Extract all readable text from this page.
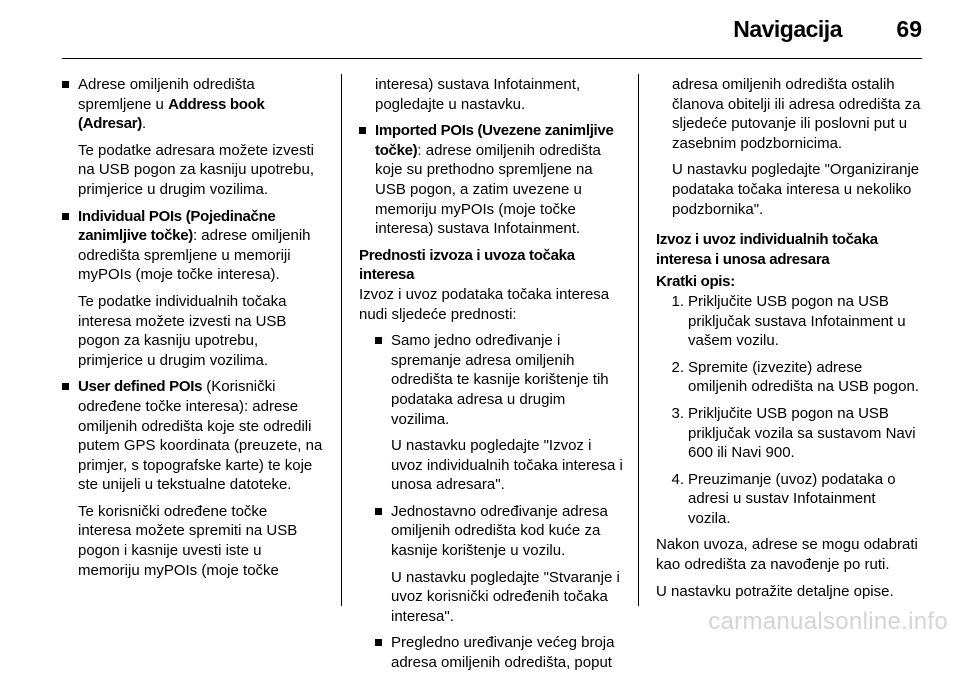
Navigacija 69

Adrese omiljenih odredišta spremljene u Address book (Adresar).

Te podatke adresara možete izvesti na USB pogon za kasniju upotrebu, primjerice u drugim vozilima.

Individual POIs (Pojedinačne zanimljive točke): adrese omiljenih odredišta spremljene u memoriji myPOIs (moje točke interesa).

Te podatke individualnih točaka interesa možete izvesti na USB pogon za kasniju upotrebu, primjerice u drugim vozilima.

User defined POIs (Korisnički određene točke interesa): adrese omiljenih odredišta koje ste odredili putem GPS koordinata (preuzete, na primjer, s topografske karte) te koje ste unijeli u tekstualne datoteke.

Te korisnički određene točke interesa možete spremiti na USB pogon i kasnije uvesti iste u memoriju myPOIs (moje točke

interesa) sustava Infotainment, pogledajte u nastavku.

Imported POIs (Uvezene zanimljive točke): adrese omiljenih odredišta koje su prethodno spremljene na USB pogon, a zatim uvezene u memoriju myPOIs (moje točke interesa) sustava Infotainment.

Prednosti izvoza i uvoza točaka interesa

Izvoz i uvoz podataka točaka interesa nudi sljedeće prednosti:

Samo jedno određivanje i spremanje adresa omiljenih odredišta te kasnije korištenje tih podataka adresa u drugim vozilima.

U nastavku pogledajte "Izvoz i uvoz individualnih točaka interesa i unosa adresara".

Jednostavno određivanje adresa omiljenih odredišta kod kuće za kasnije korištenje u vozilu.

U nastavku pogledajte "Stvaranje i uvoz korisnički određenih točaka interesa".

Pregledno uređivanje većeg broja adresa omiljenih odredišta, poput

adresa omiljenih odredišta ostalih članova obitelji ili adresa odredišta za sljedeće putovanje ili poslovni put u zasebnim podzbornicima.

U nastavku pogledajte "Organiziranje podataka točaka interesa u nekoliko podzbornika".

Izvoz i uvoz individualnih točaka interesa i unosa adresara

Kratki opis:

1. Priključite USB pogon na USB priključak sustava Infotainment u vašem vozilu.
2. Spremite (izvezite) adrese omiljenih odredišta na USB pogon.
3. Priključite USB pogon na USB priključak vozila sa sustavom Navi 600 ili Navi 900.
4. Preuzimanje (uvoz) podataka o adresi u sustav Infotainment vozila.

Nakon uvoza, adrese se mogu odabrati kao odredišta za navođenje po ruti.

U nastavku potražite detaljne opise.

carmanualsonline.info
